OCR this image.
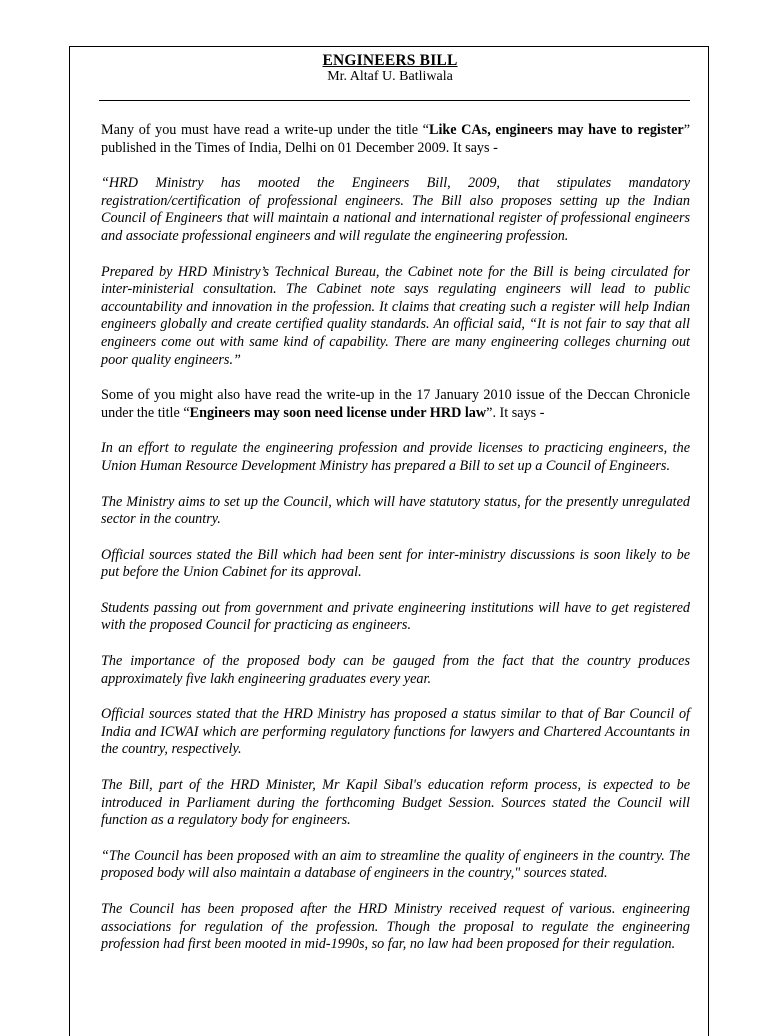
ENGINEERS BILL
Mr. Altaf U. Batliwala

Many of you must have read a write-up under the title “Like CAs, engineers may have to register” published in the Times of India, Delhi on 01 December 2009. It says -

“HRD Ministry has mooted the Engineers Bill, 2009, that stipulates mandatory registration/certification of professional engineers. The Bill also proposes setting up the Indian Council of Engineers that will maintain a national and international register of professional engineers and associate professional engineers and will regulate the engineering profession.

Prepared by HRD Ministry’s Technical Bureau, the Cabinet note for the Bill is being circulated for inter-ministerial consultation. The Cabinet note says regulating engineers will lead to public accountability and innovation in the profession. It claims that creating such a register will help Indian engineers globally and create certified quality standards. An official said, “It is not fair to say that all engineers come out with same kind of capability. There are many engineering colleges churning out poor quality engineers.”

Some of you might also have read the write-up in the 17 January 2010 issue of the Deccan Chronicle under the title “Engineers may soon need license under HRD law”. It says -

In an effort to regulate the engineering profession and provide licenses to practicing engineers, the Union Human Resource Development Ministry has prepared a Bill to set up a Council of Engineers.

The Ministry aims to set up the Council, which will have statutory status, for the presently unregulated sector in the country.

Official sources stated the Bill which had been sent for inter-ministry discussions is soon likely to be put before the Union Cabinet for its approval.

Students passing out from government and private engineering institutions will have to get registered with the proposed Council for practicing as engineers.

The importance of the proposed body can be gauged from the fact that the country produces approximately five lakh engineering graduates every year.

Official sources stated that the HRD Ministry has proposed a status similar to that of Bar Council of India and ICWAI which are performing regulatory functions for lawyers and Chartered Accountants in the country, respectively.

The Bill, part of the HRD Minister, Mr Kapil Sibal's education reform process, is expected to be introduced in Parliament during the forthcoming Budget Session. Sources stated the Council will function as a regulatory body for engineers.

“The Council has been proposed with an aim to streamline the quality of engineers in the country. The proposed body will also maintain a database of engineers in the country," sources stated.

The Council has been proposed after the HRD Ministry received request of various. engineering associations for regulation of the profession. Though the proposal to regulate the engineering profession had first been mooted in mid-1990s, so far, no law had been proposed for their regulation.
